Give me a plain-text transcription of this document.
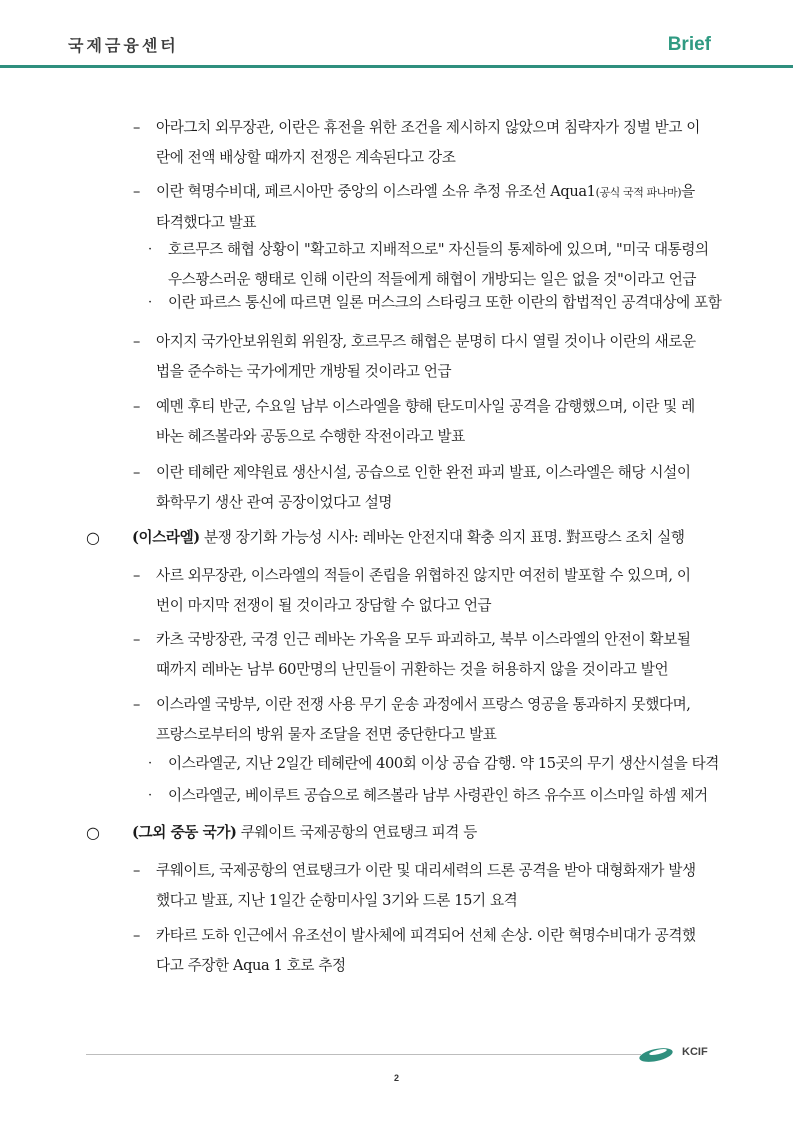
국제금융센터	Brief
– 아라그치 외무장관, 이란은 휴전을 위한 조건을 제시하지 않았으며 침략자가 징벌 받고 이
란에 전액 배상할 때까지 전쟁은 계속된다고 강조
– 이란 혁명수비대, 페르시아만 중앙의 이스라엘 소유 추정 유조선 Aqua1(공식 국적 파나마)을
타격했다고 발표
· 호르무즈 해협 상황이 "확고하고 지배적으로" 자신들의 통제하에 있으며, "미국 대통령의
우스꽝스러운 행태로 인해 이란의 적들에게 해협이 개방되는 일은 없을 것"이라고 언급
· 이란 파르스 통신에 따르면 일론 머스크의 스타링크 또한 이란의 합법적인 공격대상에 포함
– 아지지 국가안보위원회 위원장, 호르무즈 해협은 분명히 다시 열릴 것이나 이란의 새로운
법을 준수하는 국가에게만 개방될 것이라고 언급
– 예멘 후티 반군, 수요일 남부 이스라엘을 향해 탄도미사일 공격을 감행했으며, 이란 및 레
바논 헤즈볼라와 공동으로 수행한 작전이라고 발표
– 이란 테헤란 제약원료 생산시설, 공습으로 인한 완전 파괴 발표, 이스라엘은 해당 시설이
화학무기 생산 관여 공장이었다고 설명
○ (이스라엘) 분쟁 장기화 가능성 시사: 레바논 안전지대 확충 의지 표명. 對프랑스 조치 실행
– 사르 외무장관, 이스라엘의 적들이 존립을 위협하진 않지만 여전히 발포할 수 있으며, 이
번이 마지막 전쟁이 될 것이라고 장담할 수 없다고 언급
– 카츠 국방장관, 국경 인근 레바논 가옥을 모두 파괴하고, 북부 이스라엘의 안전이 확보될
때까지 레바논 남부 60만명의 난민들이 귀환하는 것을 허용하지 않을 것이라고 발언
– 이스라엘 국방부, 이란 전쟁 사용 무기 운송 과정에서 프랑스 영공을 통과하지 못했다며,
프랑스로부터의 방위 물자 조달을 전면 중단한다고 발표
· 이스라엘군, 지난 2일간 테헤란에 400회 이상 공습 감행. 약 15곳의 무기 생산시설을 타격
· 이스라엘군, 베이루트 공습으로 헤즈볼라 남부 사령관인 하즈 유수프 이스마일 하셈 제거
○ (그외 중동 국가) 쿠웨이트 국제공항의 연료탱크 피격 등
– 쿠웨이트, 국제공항의 연료탱크가 이란 및 대리세력의 드론 공격을 받아 대형화재가 발생
했다고 발표, 지난 1일간 순항미사일 3기와 드론 15기 요격
– 카타르 도하 인근에서 유조선이 발사체에 피격되어 선체 손상. 이란 혁명수비대가 공격했
다고 주장한 Aqua 1 호로 추정
KCIF
2
